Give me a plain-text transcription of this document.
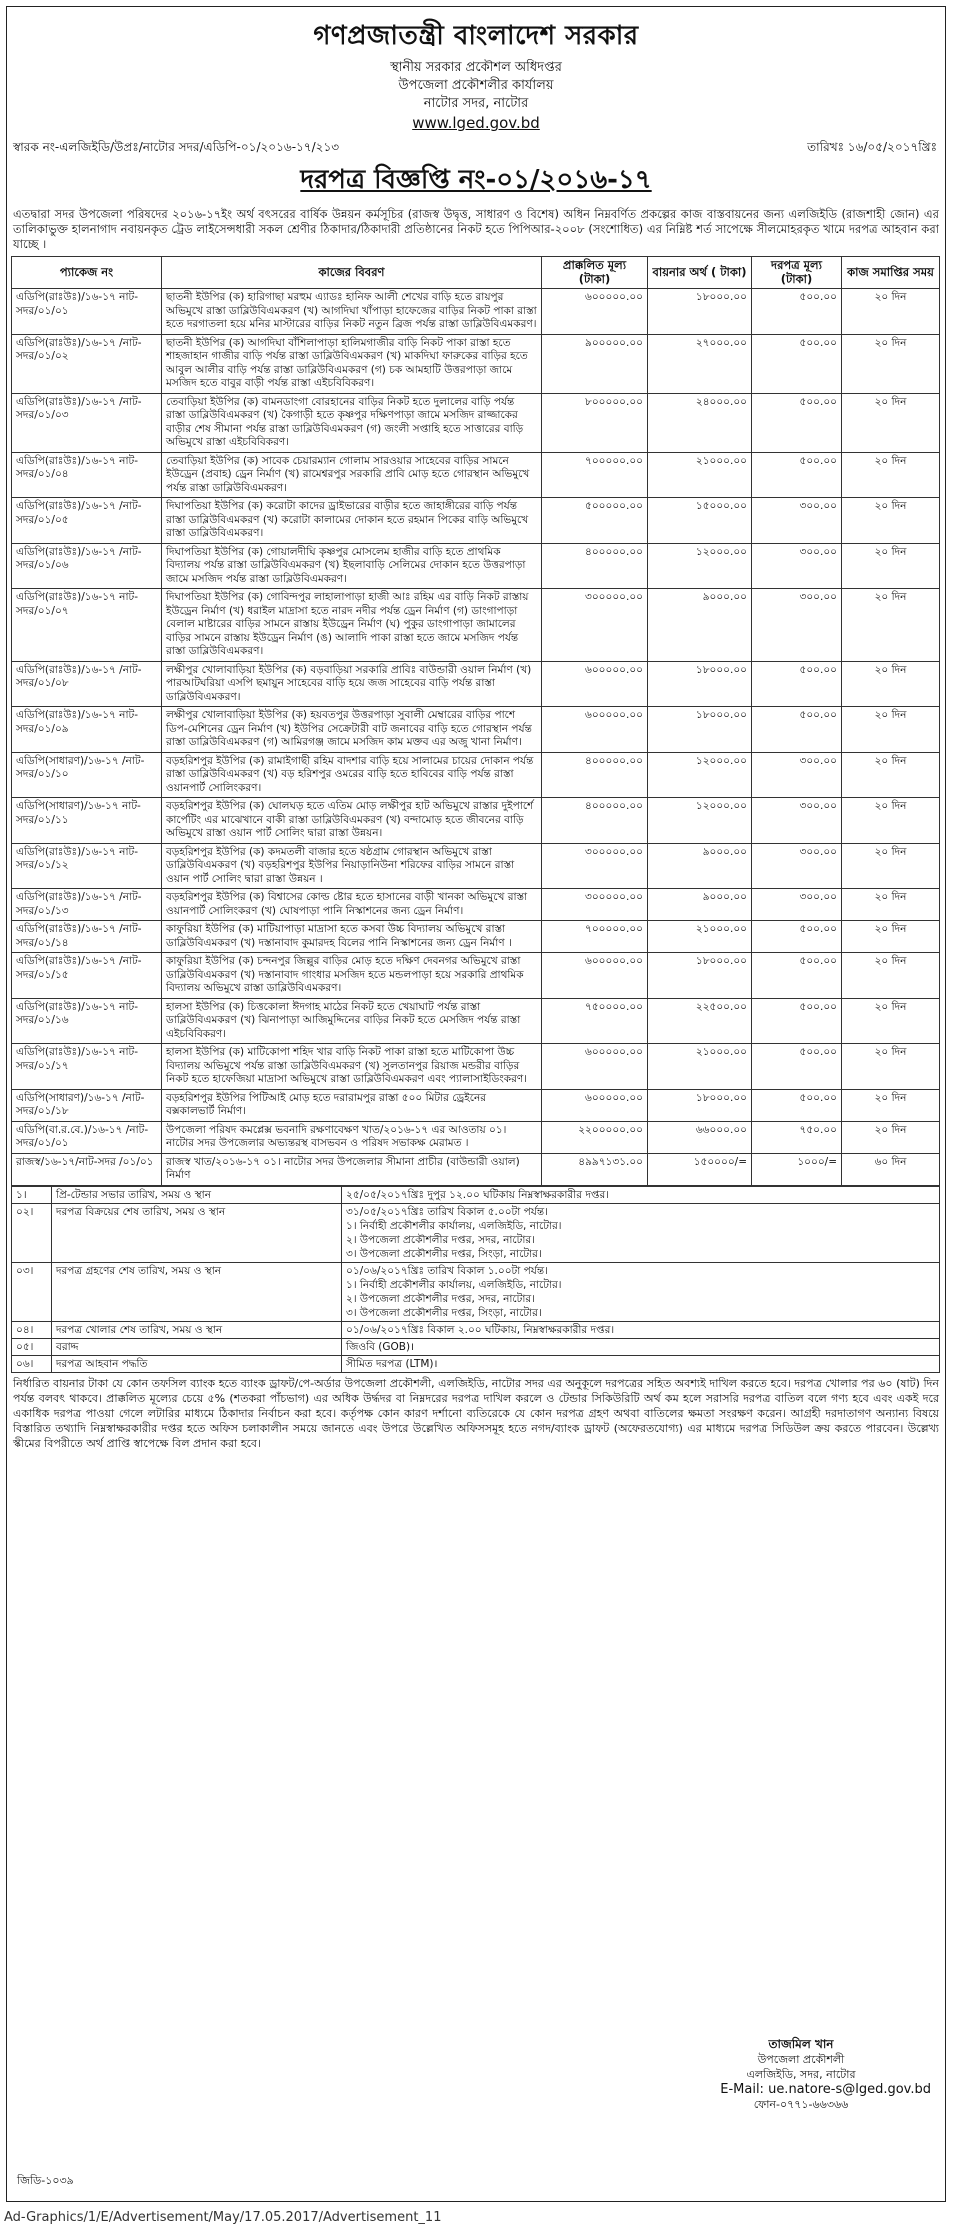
গণপ্রজাতন্ত্রী বাংলাদেশ সরকার
স্থানীয় সরকার প্রকৌশল অধিদপ্তর
উপজেলা প্রকৌশলীর কার্যালয়
নাটোর সদর, নাটোর
www.lged.gov.bd
স্বারক নং-এলজিইডি/উপ্রঃ/নাটোর সদর/এডিপি-০১/২০১৬-১৭/২১৩	তারিখঃ ১৬/০৫/২০১৭খ্রিঃ
দরপত্র বিজ্ঞপ্তি নং-০১/২০১৬-১৭
এতদ্বারা সদর উপজেলা পরিষদের ২০১৬-১৭ইং অর্থ বৎসরের বার্ষিক উন্নয়ন কর্মসূচির (রাজস্ব উদ্বৃত্ত, সাধারণ ও বিশেষ) অধিন নিম্নবর্ণিত প্রকল্পের কাজ বাস্তবায়নের জন্য এলজিইডি (রাজশাহী জোন) এর তালিকাভুক্ত হালনাগাদ নবায়নকৃত ট্রেড লাইসেন্সধারী সকল শ্রেণীর ঠিকাদার/ঠিকাদারী প্রতিষ্ঠানের নিকট হতে পিপিআর-২০০৮ (সংশোধিত) এর নিম্নিষ্ট শর্ত সাপেক্ষে সীলমোহরকৃত খামে দরপত্র আহবান করা যাচ্ছে ।
প্যাকেজ নং	কাজের বিবরণ	প্রাক্কলিত মূল্য (টাকা)	বায়নার অর্থ ( টাকা)	দরপত্র মূল্য (টাকা)	কাজ সমাপ্তির সময়
এডিপি(রাঃউঃ)/১৬-১৭ নাট-সদর/০১/০১	ছাতনী ইউপির (ক) হারিগাছা মরহুম এ্যাডঃ হানিফ আলী শেখের বাড়ি হতে রায়পুর অভিমুখে রাস্তা ডাব্লিউবিএমকরণ (খ) আগদিঘা খাঁপাড়া হাফেজের বাড়ির নিকট পাকা রাস্তা হতে দরগাতলা হয়ে মনির মাস্টারের বাড়ির নিকট নতুন ব্রিজ পর্যন্ত রাস্তা ডাব্লিউবিএমকরণ।	৬০০০০০.০০	১৮০০০.০০	৫০০.০০	২০ দিন
এডিপি(রাঃউঃ)/১৬-১৭ /নাট-সদর/০১/০২	ছাতনী ইউপির (ক) আগদিঘা বাঁশিলাপাড়া হালিমগাজীর বাড়ি নিকট পাকা রাস্তা হতে শাহজাহান গাজীর বাড়ি পর্যন্ত রাস্তা ডাব্লিউবিএমকরণ (খ) মাকদিঘা ফারুকের বাড়ির হতে আবুল আলীর বাড়ি পর্যন্ত রাস্তা ডাব্লিউবিএমকরণ (গ) চক আমহাটি উত্তরপাড়া জামে মসজিদ হতে বাবুর বাড়ী পর্যন্ত রাস্তা এইচবিবিকরণ।	৯০০০০০.০০	২৭০০০.০০	৫০০.০০	২০ দিন
এডিপি(রাঃউঃ)/১৬-১৭ /নাট-সদর/০১/০৩	তেবাড়িয়া ইউপির (ক) বামনডাংগা বোরহানের বাড়ির নিকট হতে দুলালের বাড়ি পর্যন্ত রাস্তা ডাব্লিউবিএমকরণ (খ) কৈগাড়ী হতে কৃষ্ণপুর দক্ষিণপাড়া জামে মসজিদ রাজ্জাকের বাড়ীর শেষ সীমানা পর্যন্ত রাস্তা ডাব্লিউবিএমকরণ (গ) জংলী সপ্তাহি হতে সাত্তারের বাড়ি অভিমুখে রাস্তা এইচবিবিকরণ।	৮০০০০০.০০	২৪০০০.০০	৫০০.০০	২০ দিন
এডিপি(রাঃউঃ)/১৬-১৭ নাট-সদর/০১/০৪	তেবাড়িয়া ইউপির (ক) সাবেক চেয়ারম্যান গোলাম সারওয়ার সাহেবের বাড়ির সামনে ইউড্রেন (প্রবাহ) ড্রেন নির্মাণ (খ) রামেশ্বরপুর সরকারি প্রাবি মোড় হতে গোরস্থান অভিমুখে পর্যন্ত রাস্তা ডাব্লিউবিএমকরণ।	৭০০০০০.০০	২১০০০.০০	৫০০.০০	২০ দিন
এডিপি(রাঃউঃ)/১৬-১৭ /নাট-সদর/০১/০৫	দিঘাপতিয়া ইউপির (ক) করোটা কাদের ড্রাইভারের বাড়ীর হতে জাহাঙ্গীরের বাড়ি পর্যন্ত রাস্তা ডাব্লিউবিএমকরণ (খ) করোটা কালামের দোকান হতে রহমান পিকের বাড়ি অভিমুখে রাস্তা ডাব্লিউবিএমকরণ।	৫০০০০০.০০	১৫০০০.০০	৩০০.০০	২০ দিন
এডিপি(রাঃউঃ)/১৬-১৭ /নাট-সদর/০১/০৬	দিঘাপতিয়া ইউপির (ক) গোয়ালদীঘি কৃষ্ণপুর মোসলেম হাজীর বাড়ি হতে প্রাথমিক বিদ্যালয় পর্যন্ত রাস্তা ডাব্লিউবিএমকরণ (খ) ইছলাবাড়ি সেলিমের দোকান হতে উত্তরপাড়া জামে মসজিদ পর্যন্ত রাস্তা ডাব্লিউবিএমকরণ।	৪০০০০০.০০	১২০০০.০০	৩০০.০০	২০ দিন
এডিপি(রাঃউঃ)/১৬-১৭ নাট-সদর/০১/০৭	দিঘাপতিয়া ইউপির (ক) গোবিন্দপুর লাহালাপাড়া হাজী আঃ রহিম এর বাড়ি নিকট রাস্তায় ইউড্রেন নির্মাণ (খ) ধরাইল মাদ্রাসা হতে নারদ নদীর পর্যন্ত ড্রেন নির্মাণ (গ) ডাংগাপাড়া বেলাল মাষ্টারের বাড়ির সামনে রাস্তায় ইউড্রেন নির্মাণ (ঘ) পুকুর ডাংগাপাড়া জামালের বাড়ির সামনে রাস্তায় ইউড্রেন নির্মাণ (ঙ) আলাদি পাকা রাস্তা হতে জামে মসজিদ পর্যন্ত রাস্তা ডাব্লিউবিএমকরণ।	৩০০০০০.০০	৯০০০.০০	৩০০.০০	২০ দিন
এডিপি(রাঃউঃ)/১৬-১৭ /নাট-সদর/০১/০৮	লক্ষীপুর খোলাবাড়িয়া ইউপির (ক) বড়বাড়িয়া সরকারি প্রাবিঃ বাউন্ডারী ওয়াল নির্মাণ (খ) পারআটঘরিয়া এসপি ছমায়ুন সাহেবের বাড়ি হয়ে জজ সাহেবের বাড়ি পর্যন্ত রাস্তা ডাব্লিউবিএমকরণ।	৬০০০০০.০০	১৮০০০.০০	৫০০.০০	২০ দিন
এডিপি(রাঃউঃ)/১৬-১৭ নাট-সদর/০১/০৯	লক্ষীপুর খোলাবাড়িয়া ইউপির (ক) হয়বতপুর উত্তরপাড়া সুবালী মেম্বারের বাড়ির পাশে ডিপ-মেশিনের ড্রেন নির্মাণ (খ) ইউপির সেক্রেটারী বাট জনাবের বাড়ি হতে গোরস্থান পর্যন্ত রাস্তা ডাব্লিউবিএমকরণ (গ) আমিরগঞ্জ জামে মসজিদ কাম মক্তব এর অজু খানা নির্মাণ।	৬০০০০০.০০	১৮০০০.০০	৫০০.০০	২০ দিন
এডিপি(সাধারণ)/১৬-১৭ /নাট-সদর/০১/১০	বড়হরিশপুর ইউপির (ক) রামাইগাছী রহিম বাদশার বাড়ি হয়ে সালামের চায়ের দোকান পর্যন্ত রাস্তা ডাব্লিউবিএমকরণ (খ) বড় হরিশপুর ওমরের বাড়ি হতে হাবিবের বাড়ি পর্যন্ত রাস্তা ওয়ানপার্ট সোলিংকরণ।	৪০০০০০.০০	১২০০০.০০	৩০০.০০	২০ দিন
এডিপি(সাধারণ)/১৬-১৭ নাট-সদর/০১/১১	বড়হরিশপুর ইউপির (ক) ঘোলঘড় হতে এতিম মোড় লক্ষীপুর হাট অভিমুখে রাস্তার দুইপার্শে কার্পেটিং এর মাঝেখানে বাকী রাস্তা ডাব্লিউবিএমকরণ (খ) বন্দামোড় হতে জীবনের বাড়ি অভিমুখে রাস্তা ওয়ান পার্ট সোলিং দ্বারা রাস্তা উন্নয়ন।	৪০০০০০.০০	১২০০০.০০	৩০০.০০	২০ দিন
এডিপি(রাঃউঃ)/১৬-১৭ নাট-সদর/০১/১২	বড়হরিশপুর ইউপির (ক) কদমতলী বাজার হতে ষষ্ঠগ্রাম গোরস্থান অভিমুখে রাস্তা ডাব্লিউবিএমকরণ (খ) বড়হরিশপুর ইউপির নিয়াড়ানিউনা শরিফের বাড়ির সামনে রাস্তা ওয়ান পার্ট সোলিং দ্বারা রাস্তা উন্নয়ন ।	৩০০০০০.০০	৯০০০.০০	৩০০.০০	২০ দিন
এডিপি(রাঃউঃ)/১৬-১৭ /নাট-সদর/০১/১৩	বড়হরিশপুর ইউপির (ক) বিশ্বাসের কোল্ড ষ্টোর হতে হাসানের বাড়ী খানকা অভিমুখে রাস্তা ওয়ানপার্ট সোলিংকরণ (খ) ঘোষপাড়া পানি নিস্কাশনের জন্য ড্রেন নির্মাণ।	৩০০০০০.০০	৯০০০.০০	৩০০.০০	২০ দিন
এডিপি(রাঃউঃ)/১৬-১৭ /নাট-সদর/০১/১৪	কাফুরিয়া ইউপির (ক) মাটিয়াপাড়া মাদ্রাসা হতে কসবা উচ্চ বিদ্যালয় অভিমুখে রাস্তা ডাব্লিউবিএমকরণ (খ) দস্তানাবাদ কুমারদহ বিলের পানি নিস্কাশনের জন্য ড্রেন নির্মাণ ।	৭০০০০০.০০	২১০০০.০০	৫০০.০০	২০ দিন
এডিপি(রাঃউঃ)/১৬-১৭ /নাট-সদর/০১/১৫	কাফুরিয়া ইউপির (ক) চন্দনপুর জিল্লুর বাড়ির মোড় হতে দক্ষিণ দেবনগর অভিমুখে রাস্তা ডাব্লিউবিএমকরণ (খ) দস্তানাবাদ গাংধার মসজিদ হতে মন্ডলপাড়া হয়ে সরকারি প্রাথমিক বিদ্যালয় অভিমুখে রাস্তা ডাব্লিউবিএমকরণ।	৬০০০০০.০০	১৮০০০.০০	৫০০.০০	২০ দিন
এডিপি(রাঃউঃ)/১৬-১৭ নাট-সদর/০১/১৬	হালসা ইউপির (ক) চিত্তকোলা ঈদগাহ মাঠের নিকট হতে খেয়াঘাট পর্যন্ত রাস্তা ডাব্লিউবিএমকরণ (খ) ঝিনাপাড়া আজিমুদ্দিনের বাড়ির নিকট হতে মেসজিদ পর্যন্ত রাস্তা এইচবিবিকরণ।	৭৫০০০০.০০	২২৫০০.০০	৫০০.০০	২০ দিন
এডিপি(রাঃউঃ)/১৬-১৭ নাট-সদর/০১/১৭	হালসা ইউপির (ক) মাটিকোপা শহিদ খার বাড়ি নিকট পাকা রাস্তা হতে মাটিকোপা উচ্চ বিদ্যালয় অভিমুখে পর্যন্ত রাস্তা ডাব্লিউবিএমকরণ (খ) সুলতানপুর রিয়াজ মন্ডরীর বাড়ির নিকট হতে হাফেজিয়া মাদ্রাসা অভিমুখে রাস্তা ডাব্লিউবিএমকরণ এবং প্যালাসাইডিংকরণ।	৬০০০০০.০০	২১০০০.০০	৫০০.০০	২০ দিন
এডিপি(সাধারণ)/১৬-১৭ /নাট-সদর/০১/১৮	বড়হরিশপুর ইউপির পিটিআই মোড় হতে দরারামপুর রাস্তা ৫০০ মিটার ড্রেইনের বক্সকালভার্ট নির্মাণ।	৬০০০০০.০০	১৮০০০.০০	৫০০.০০	২০ দিন
এডিপি(বা.র.বে.)/১৬-১৭ /নাট-সদর/০১/০১	উপজেলা পরিষদ কমপ্লেক্স ভবনাদি রক্ষণাবেক্ষণ খাত/২০১৬-১৭ এর আওতায় ০১। নাটোর সদর উপজেলার অভ্যন্তরস্থ বাসভবন ও পরিষদ সভাকক্ষ মেরামত ।	২২০০০০০.০০	৬৬০০০.০০	৭৫০.০০	২০ দিন
রাজস্ব/১৬-১৭/নাট-সদর /০১/০১	রাজস্ব খাত/২০১৬-১৭ ০১। নাটোর সদর উপজেলার সীমানা প্রাচীর (বাউন্ডারী ওয়াল) নির্মাণ	৪৯৯৭১৩১.০০	১৫০০০০/=	১০০০/=	৬০ দিন
১।	প্রি-টেন্ডার সভার তারিখ, সময় ও স্থান	২৫/০৫/২০১৭খ্রিঃ দুপুর ১২.০০ ঘটিকায় নিম্নস্বাক্ষরকারীর দপ্তর।

০২।	দরপত্র বিক্রয়ের শেষ তারিখ, সময় ও স্থান	৩১/০৫/২০১৭খ্রিঃ তারিখ বিকাল ৫.০০টা পর্যন্ত।
১। নির্বাহী প্রকৌশলীর কার্যালয়, এলজিইডি, নাটোর।
২। উপজেলা প্রকৌশলীর দপ্তর, সদর, নাটোর।
৩। উপজেলা প্রকৌশলীর দপ্তর, সিংড়া, নাটোর।

০৩।	দরপত্র গ্রহণের শেষ তারিখ, সময় ও স্থান	০১/০৬/২০১৭খ্রিঃ তারিখ বিকাল ১.০০টা পর্যন্ত।
১। নির্বাহী প্রকৌশলীর কার্যালয়, এলজিইডি, নাটোর।
২। উপজেলা প্রকৌশলীর দপ্তর, সদর, নাটোর।
৩। উপজেলা প্রকৌশলীর দপ্তর, সিংড়া, নাটোর।

০৪।	দরপত্র খোলার শেষ তারিখ, সময় ও স্থান	০১/০৬/২০১৭খ্রিঃ বিকাল ২.০০ ঘটিকায়, নিম্নস্বাক্ষরকারীর দপ্তর।

০৫।	বরাদ্দ	জিওবি (GOB)।

০৬।	দরপত্র আহবান পদ্ধতি	সীমিত দরপত্র (LTM)।
নির্ধারিত বায়নার টাকা যে কোন তফসিল ব্যাংক হতে ব্যাংক ড্রাফট/পে-অর্ডার উপজেলা প্রকৌশলী, এলজিইডি, নাটোর সদর এর অনুকূলে দরপত্রের সহিত অবশ্যই দাখিল করতে হবে। দরপত্র খোলার পর ৬০ (ষাট) দিন পর্যন্ত বলবৎ থাকবে। প্রাক্কলিত মূল্যের চেয়ে ৫% (শতকরা পাঁচভাগ) এর অধিক উর্দ্ধদর বা নিম্নদরের দরপত্র দাখিল করলে ও টেন্ডার সিকিউরিটি অর্থ কম হলে সরাসরি দরপত্র বাতিল বলে গণ্য হবে এবং একই দরে একাধিক দরপত্র পাওয়া গেলে লটারির মাধ্যমে ঠিকাদার নির্বাচন করা হবে। কর্তৃপক্ষ কোন কারণ দর্শানো ব্যতিরেকে যে কোন দরপত্র গ্রহণ অথবা বাতিলের ক্ষমতা সংরক্ষণ করেন। আগ্রহী দরদাতাগণ অন্যান্য বিষয়ে বিস্তারিত তথ্যাদি নিম্নস্বাক্ষরকারীর দপ্তর হতে অফিস চলাকালীন সময়ে জানতে এবং উপরে উল্লেখিত অফিসসমূহ হতে নগদ/ব্যাংক ড্রাফট (অফেরতযোগ্য) এর মাধ্যমে দরপত্র সিডিউল ক্রয় করতে পারবেন। উল্লেখ্য স্কীমের বিপরীতে অর্থ প্রাপ্তি স্বাপেক্ষে বিল প্রদান করা হবে।
তাজমিল খান
উপজেলা প্রকৌশলী
এলজিইডি, সদর, নাটোর
E-Mail: ue.natore-s@lged.gov.bd
ফোন-০৭৭১-৬৬৩৬৬
জিডি-১০৩৯
Ad-Graphics/1/E/Advertisement/May/17.05.2017/Advertisement_11
